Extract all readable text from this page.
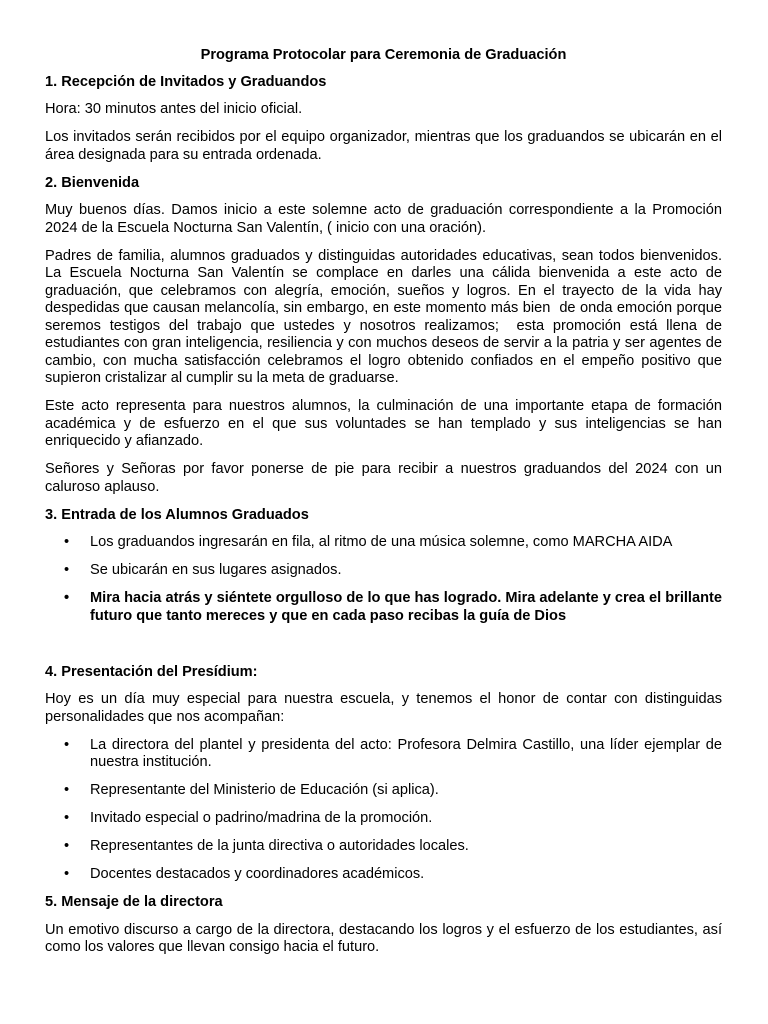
Programa Protocolar para Ceremonia de Graduación
1. Recepción de Invitados y Graduandos

Hora: 30 minutos antes del inicio oficial.

Los invitados serán recibidos por el equipo organizador, mientras que los graduandos se ubicarán en el área designada para su entrada ordenada.

2. Bienvenida

Muy buenos días. Damos inicio a este solemne acto de graduación correspondiente a la Promoción 2024 de la Escuela Nocturna San Valentín, ( inicio con una oración).

Padres de familia, alumnos graduados y distinguidas autoridades educativas, sean todos bienvenidos. La Escuela Nocturna San Valentín se complace en darles una cálida bienvenida a este acto de graduación, que celebramos con alegría, emoción, sueños y logros. En el trayecto de la vida hay despedidas que causan melancolía, sin embargo, en este momento más bien  de onda emoción porque seremos testigos del trabajo que ustedes y nosotros realizamos;  esta promoción está llena de estudiantes con gran inteligencia, resiliencia y con muchos deseos de servir a la patria y ser agentes de cambio, con mucha satisfacción celebramos el logro obtenido confiados en el empeño positivo que supieron cristalizar al cumplir su la meta de graduarse.

Este acto representa para nuestros alumnos, la culminación de una importante etapa de formación académica y de esfuerzo en el que sus voluntades se han templado y sus inteligencias se han enriquecido y afianzado.

Señores y Señoras por favor ponerse de pie para recibir a nuestros graduandos del 2024 con un caluroso aplauso.

3. Entrada de los Alumnos Graduados
• Los graduandos ingresarán en fila, al ritmo de una música solemne, como MARCHA AIDA
• Se ubicarán en sus lugares asignados.
• Mira hacia atrás y siéntete orgulloso de lo que has logrado. Mira adelante y crea el brillante futuro que tanto mereces y que en cada paso recibas la guía de Dios
4. Presentación del Presídium:

Hoy es un día muy especial para nuestra escuela, y tenemos el honor de contar con distinguidas personalidades que nos acompañan:

• La directora del plantel y presidenta del acto: Profesora Delmira Castillo, una líder ejemplar de nuestra institución.
• Representante del Ministerio de Educación (si aplica).
• Invitado especial o padrino/madrina de la promoción.
• Representantes de la junta directiva o autoridades locales.
• Docentes destacados y coordinadores académicos.
5. Mensaje de la directora

Un emotivo discurso a cargo de la directora, destacando los logros y el esfuerzo de los estudiantes, así como los valores que llevan consigo hacia el futuro.
